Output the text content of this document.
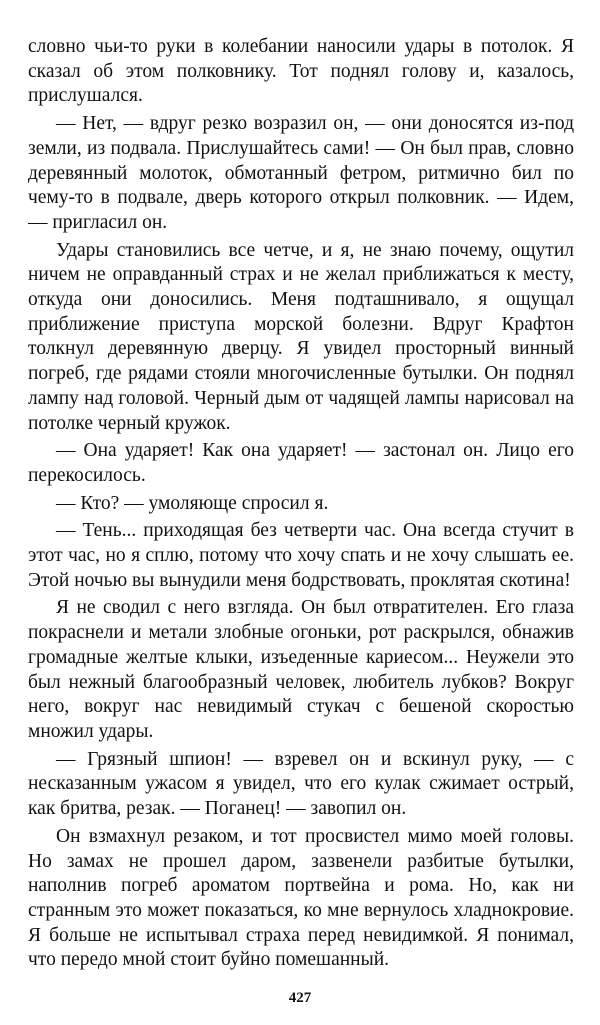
словно чьи-то руки в колебании наносили удары в потолок. Я сказал об этом полковнику. Тот поднял голову и, казалось, прислушался.

— Нет, — вдруг резко возразил он, — они доносятся из-под земли, из подвала. Прислушайтесь сами! — Он был прав, словно деревянный молоток, обмотанный фетром, ритмично бил по чему-то в подвале, дверь которого открыл полковник. — Идем, — пригласил он.

Удары становились все четче, и я, не знаю почему, ощутил ничем не оправданный страх и не желал приближаться к месту, откуда они доносились. Меня подташнивало, я ощущал приближение приступа морской болезни. Вдруг Крафтон толкнул деревянную дверцу. Я увидел просторный винный погреб, где рядами стояли многочисленные бутылки. Он поднял лампу над головой. Черный дым от чадящей лампы нарисовал на потолке черный кружок.

— Она ударяет! Как она ударяет! — застонал он. Лицо его перекосилось.

— Кто? — умоляюще спросил я.

— Тень... приходящая без четверти час. Она всегда стучит в этот час, но я сплю, потому что хочу спать и не хочу слышать ее. Этой ночью вы вынудили меня бодрствовать, проклятая скотина!

Я не сводил с него взгляда. Он был отвратителен. Его глаза покраснели и метали злобные огоньки, рот раскрылся, обнажив громадные желтые клыки, изъеденные кариесом... Неужели это был нежный благообразный человек, любитель лубков? Вокруг него, вокруг нас невидимый стукач с бешеной скоростью множил удары.

— Грязный шпион! — взревел он и вскинул руку, — с несказанным ужасом я увидел, что его кулак сжимает острый, как бритва, резак. — Поганец! — завопил он.

Он взмахнул резаком, и тот просвистел мимо моей головы. Но замах не прошел даром, зазвенели разбитые бутылки, наполнив погреб ароматом портвейна и рома. Но, как ни странным это может показаться, ко мне вернулось хладнокровие. Я больше не испытывал страха перед невидимкой. Я понимал, что передо мной стоит буйно помешанный.

427
